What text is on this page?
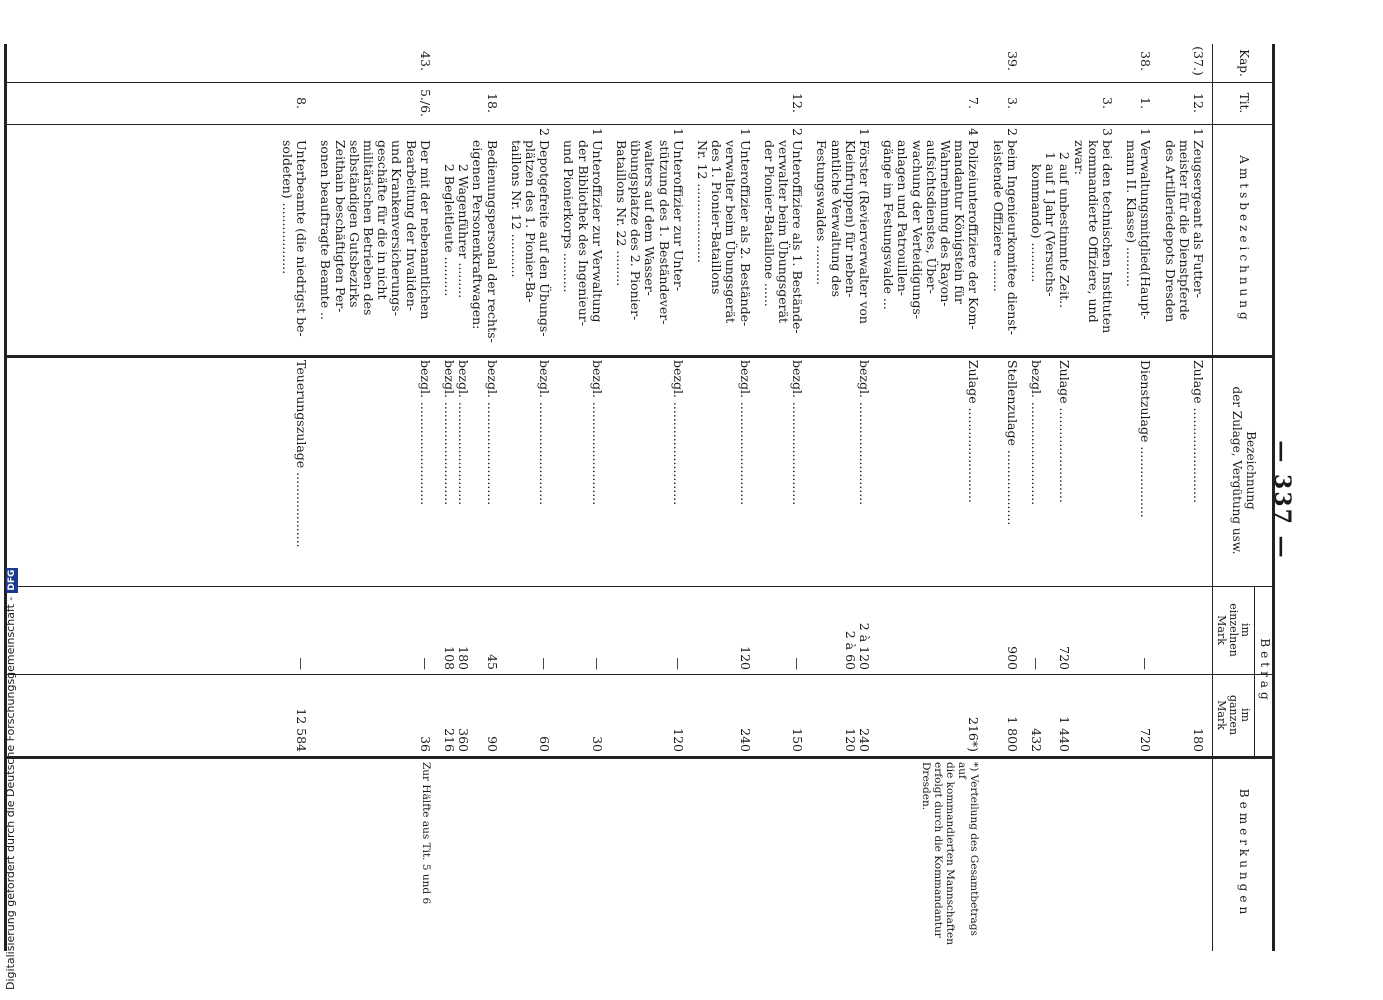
— 337 —
Kap.
Tit.
Amtsbezeichnung
Bezeichnung
der Zulage, Vergütung usw.
Betrag
im
einzelnen
Mark
im
ganzen
Mark
Bemerkungen
(37.)
12.
1
Zeugsergeant als Futter-
meister für die Dienstpferde
des Artilleriedepots Dresden
Zulage ........................
180
38.
1.
1
Verwaltungsmitglied(Haupt-
mann II. Klasse) ..........
Dienstzulage ..................
—
720
3.
3
bei den technischen Instituten
kommandierte Offiziere, und
zwar:
2 auf unbestimmte Zeit..
1 auf 1 Jahr (Versuchs-
kommando) ..........

Zulage ........................

bezgl. ..........................

720

—

1 440

432
39.
3.
2
beim Ingenieurkomitee dienst-
leistende Offiziere ........
Stellenzulage ...................
900
1 800
7.
4
Polizeiunteroffiziere der Kom-
mandantur Königstein für
Wahrnehmung des Rayon-
aufsichtsdienstes, Über-
wachung der Verteidigungs-
anlagen und Patrouillen-
gänge im Festungsvalde ...
Zulage ........................
216*)
*) Verteilung des Gesamtbetrags auf
die kommandierten Mannschaften
erfolgt durch die Kommandantur
Dresden.
1
Förster (Revierverwalter von
Kleinfruppen) für neben-
amtliche Verwaltung des
Festungswaldes ..........
bezgl. ..........................
2 à 120
2 à 60
240
120
12.
2
Unteroffiziere als 1. Bestände-
verwalter beim Übungsgerät
der Pionier-Bataillone ......
bezgl. ..........................
—
150
1
Unteroffizier als 2. Bestände-
verwalter beim Übungsgerät
des 1. Pionier-Bataillons
Nr. 12 ....................
bezgl. ..........................
120
240
1
Unteroffizier zur Unter-
stützung des 1. Beständever-
walters auf dem Wasser-
übungsplatze des 2. Pionier-
Bataillons Nr. 22 .........
bezgl. ..........................
—
120
1
Unteroffizier zur Verwaltung
der Bibliothek des Ingenieur-
und Pionierkorps ..........
bezgl. ..........................
—
30
2
Depotgefreite auf den Übungs-
plätzen des 1. Pionier-Ba-
taillons Nr. 12 ...........
bezgl. ..........................
—
60
18.
Bedienungspersonal der rechts-
eigenen Personenkraftwagen:
2 Wagenführer .........
2 Begleitleute ..........
bezgl. ..........................

bezgl. ..........................
bezgl. ..........................
45

180
108
90

360
216
43.
5./6.
Der mit der nebenamtlichen
Bearbeitung der Invaliden-
und Krankenversicherungs-
geschäfte für die in nicht
militärischen Betrieben des
selbständigen Gutsbezirks
Zeithain beschäftigten Per-
sonen beauftragte Beamte ..
bezgl. ..........................
—
36
Zur Hälfte aus Tit. 5 und 6
8.
Unterbeamte (die niedrigst be-
soldeten) ..................
Teuerungszulage ...................
—
12 584
Digitalisierung gefördert durch die Deutsche Forschungsgemeinschaft -DFG
